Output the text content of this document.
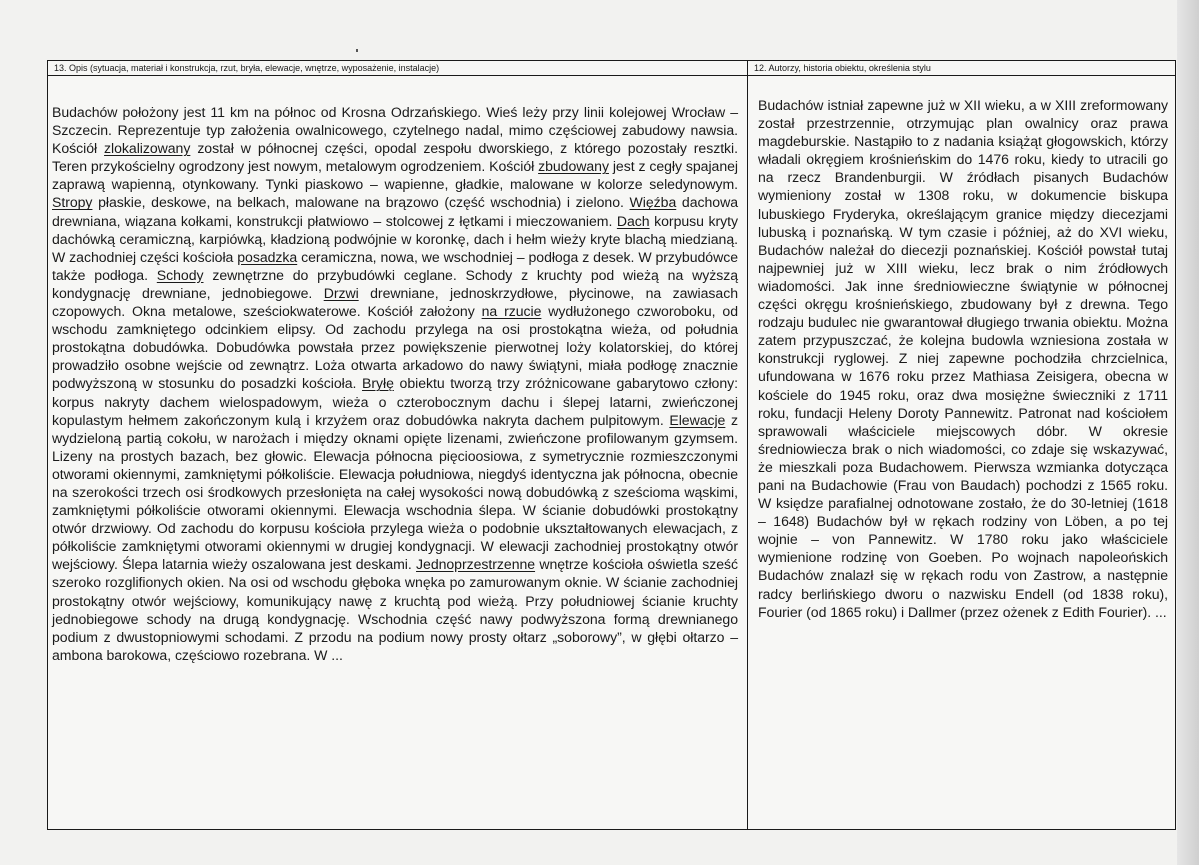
13. Opis (sytuacja, materiał i konstrukcja, rzut, bryła, elewacje, wnętrze, wyposażenie, instalacje)

Budachów położony jest 11 km na północ od Krosna Odrzańskiego. Wieś leży przy linii kolejowej Wrocław – Szczecin. Reprezentuje typ założenia owalnicowego, czytelnego nadal, mimo częściowej zabudowy nawsia. Kościół zlokalizowany został w północnej części, opodal zespołu dworskiego, z którego pozostały resztki. Teren przykościelny ogrodzony jest nowym, metalowym ogrodzeniem. Kościół zbudowany jest z cegły spajanej zaprawą wapienną, otynkowany. Tynki piaskowo – wapienne, gładkie, malowane w kolorze seledynowym. Stropy płaskie, deskowe, na belkach, malowane na brązowo (część wschodnia) i zielono. Więźba dachowa drewniana, wiązana kołkami, konstrukcji płatwiowo – stolcowej z łętkami i mieczowaniem. Dach korpusu kryty dachówką ceramiczną, karpiówką, kładzioną podwójnie w koronkę, dach i hełm wieży kryte blachą miedzianą. W zachodniej części kościoła posadzka ceramiczna, nowa, we wschodniej – podłoga z desek. W przybudówce także podłoga. Schody zewnętrzne do przybudówki ceglane. Schody z kruchty pod wieżą na wyższą kondygnację drewniane, jednobiegowe. Drzwi drewniane, jednoskrzydłowe, płycinowe, na zawiasach czopowych. Okna metalowe, sześciokwaterowe. Kościół założony na rzucie wydłużonego czworoboku, od wschodu zamkniętego odcinkiem elipsy. Od zachodu przylega na osi prostokątna wieża, od południa prostokątna dobudówka. Dobudówka powstała przez powiększenie pierwotnej loży kolatorskiej, do której prowadziło osobne wejście od zewnątrz. Loża otwarta arkadowo do nawy świątyni, miała podłogę znacznie podwyższoną w stosunku do posadzki kościoła. Bryłę obiektu tworzą trzy zróżnicowane gabarytowo człony: korpus nakryty dachem wielospadowym, wieża o czterobocznym dachu i ślepej latarni, zwieńczonej kopulastym hełmem zakończonym kulą i krzyżem oraz dobudówka nakryta dachem pulpitowym. Elewacje z wydzieloną partią cokołu, w narożach i między oknami opięte lizenami, zwieńczone profilowanym gzymsem. Lizeny na prostych bazach, bez głowic. Elewacja północna pięcioosiowa, z symetrycznie rozmieszczonymi otworami okiennymi, zamkniętymi półkoliście. Elewacja południowa, niegdyś identyczna jak północna, obecnie na szerokości trzech osi środkowych przesłonięta na całej wysokości nową dobudówką z sześcioma wąskimi, zamkniętymi półkoliście otworami okiennymi. Elewacja wschodnia ślepa. W ścianie dobudówki prostokątny otwór drzwiowy. Od zachodu do korpusu kościoła przylega wieża o podobnie ukształtowanych elewacjach, z półkoliście zamkniętymi otworami okiennymi w drugiej kondygnacji. W elewacji zachodniej prostokątny otwór wejściowy. Ślepa latarnia wieży oszalowana jest deskami. Jednoprzestrzenne wnętrze kościoła oświetla sześć szeroko rozglifionych okien. Na osi od wschodu głęboka wnęka po zamurowanym oknie. W ścianie zachodniej prostokątny otwór wejściowy, komunikujący nawę z kruchtą pod wieżą. Przy południowej ścianie kruchty jednobiegowe schody na drugą kondygnację. Wschodnia część nawy podwyższona formą drewnianego podium z dwustopniowymi schodami. Z przodu na podium nowy prosty ołtarz „soborowy”, w głębi ołtarzo – ambona barokowa, częściowo rozebrana. W ...

12. Autorzy, historia obiektu, określenia stylu

Budachów istniał zapewne już w XII wieku, a w XIII zreformowany został przestrzennie, otrzymując plan owalnicy oraz prawa magdeburskie. Nastąpiło to z nadania książąt głogowskich, którzy władali okręgiem krośnieńskim do 1476 roku, kiedy to utracili go na rzecz Brandenburgii. W źródłach pisanych Budachów wymieniony został w 1308 roku, w dokumencie biskupa lubuskiego Fryderyka, określającym granice między diecezjami lubuską i poznańską. W tym czasie i później, aż do XVI wieku, Budachów należał do diecezji poznańskiej. Kościół powstał tutaj najpewniej już w XIII wieku, lecz brak o nim źródłowych wiadomości. Jak inne średniowieczne świątynie w północnej części okręgu krośnieńskiego, zbudowany był z drewna. Tego rodzaju budulec nie gwarantował długiego trwania obiektu. Można zatem przypuszczać, że kolejna budowla wzniesiona została w konstrukcji ryglowej. Z niej zapewne pochodziła chrzcielnica, ufundowana w 1676 roku przez Mathiasa Zeisigera, obecna w kościele do 1945 roku, oraz dwa mosiężne świeczniki z 1711 roku, fundacji Heleny Doroty Pannewitz. Patronat nad kościołem sprawowali właściciele miejscowych dóbr. W okresie średniowiecza brak o nich wiadomości, co zdaje się wskazywać, że mieszkali poza Budachowem. Pierwsza wzmianka dotycząca pani na Budachowie (Frau von Baudach) pochodzi z 1565 roku. W księdze parafialnej odnotowane zostało, że do 30-letniej (1618 – 1648) Budachów był w rękach rodziny von Löben, a po tej wojnie – von Pannewitz. W 1780 roku jako właściciele wymienione rodzinę von Goeben. Po wojnach napoleońskich Budachów znalazł się w rękach rodu von Zastrow, a następnie radcy berlińskiego dworu o nazwisku Endell (od 1838 roku), Fourier (od 1865 roku) i Dallmer (przez ożenek z Edith Fourier). ...
